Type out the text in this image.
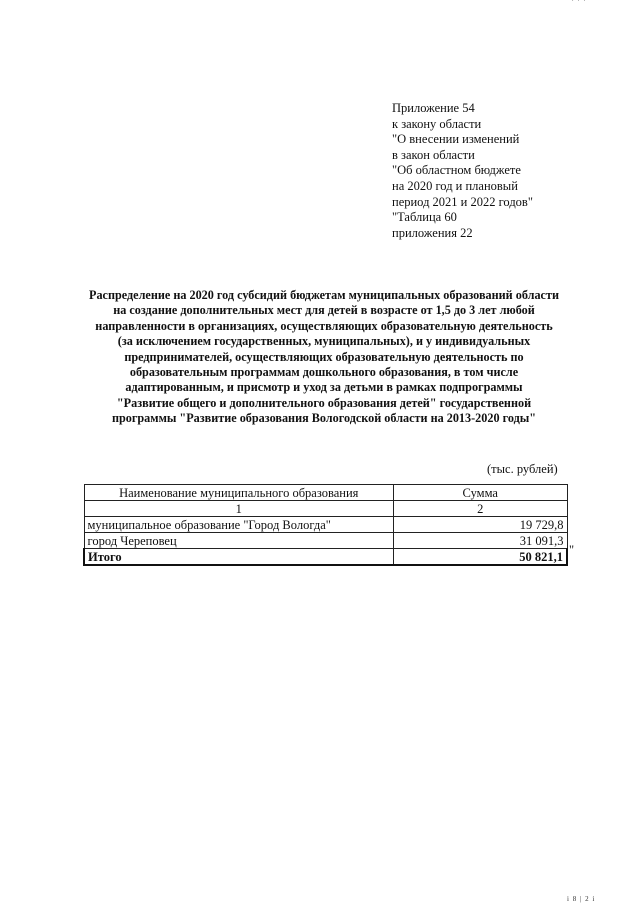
' ' '
Приложение 54
к закону области
"О внесении изменений
в закон области
"Об областном бюджете
на 2020 год и плановый
период 2021 и 2022 годов"
"Таблица 60
приложения 22
Распределение на 2020 год субсидий бюджетам муниципальных образований области
на создание дополнительных мест для детей в возрасте от 1,5 до 3 лет любой
направленности в организациях, осуществляющих образовательную деятельность
(за исключением государственных, муниципальных), и у индивидуальных
предпринимателей, осуществляющих образовательную деятельность по
образовательным программам дошкольного образования, в том числе
адаптированным, и присмотр и уход за детьми в рамках подпрограммы
"Развитие общего и дополнительного образования детей" государственной
программы "Развитие образования Вологодской области на 2013-2020 годы"
(тыс. рублей)
Наименование муниципального образования	Сумма
1	2
муниципальное образование "Город Вологда"	19 729,8
город Череповец	31 091,3
Итого	50 821,1 "
i 8 | 2 i
